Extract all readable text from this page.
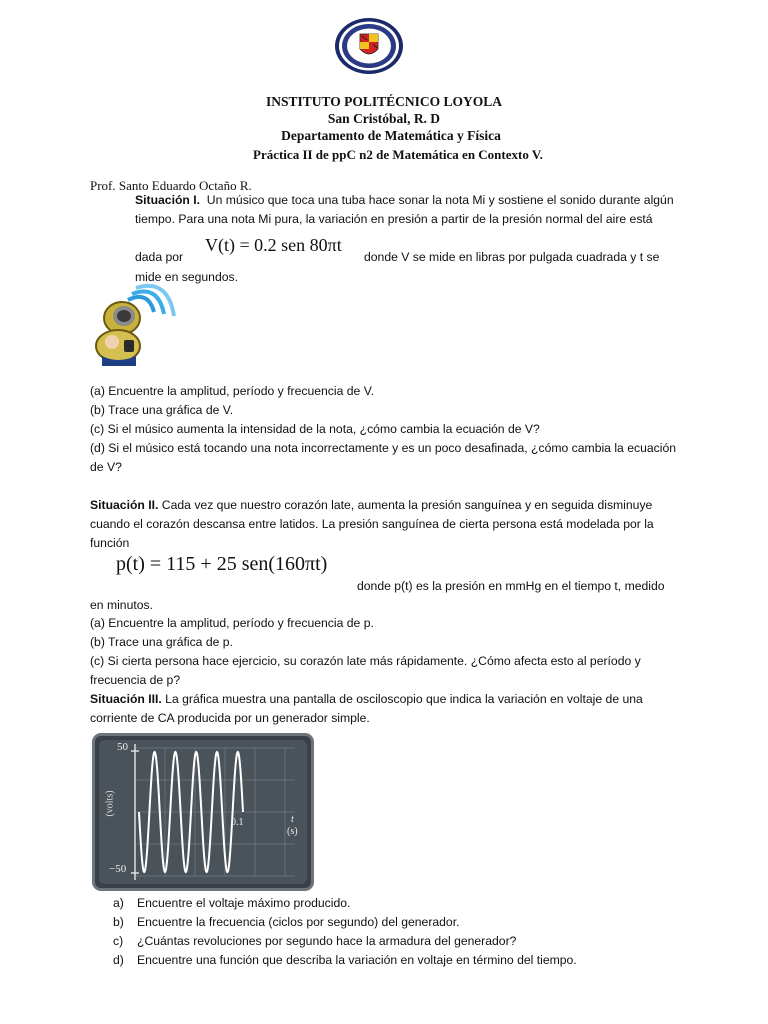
INSTITUTO POLITÉCNICO LOYOLA
San Cristóbal, R. D
Departamento de Matemática y Física
Práctica II de ppC n2 de Matemática en Contexto V.
Prof. Santo Eduardo Octaño R.
Situación I. Un músico que toca una tuba hace sonar la nota Mi y sostiene el sonido durante algún
tiempo. Para una nota Mi pura, la variación en presión a partir de la presión normal del aire está
dada por
V(t) = 0.2 sen 80πt
donde V se mide en libras por pulgada cuadrada y t se
mide en segundos.
(a) Encuentre la amplitud, período y frecuencia de V.
(b) Trace una gráfica de V.
(c) Si el músico aumenta la intensidad de la nota, ¿cómo cambia la ecuación de V?
(d) Si el músico está tocando una nota incorrectamente y es un poco desafinada, ¿cómo cambia la ecuación
de V?
Situación II. Cada vez que nuestro corazón late, aumenta la presión sanguínea y en seguida disminuye
cuando el corazón descansa entre latidos. La presión sanguínea de cierta persona está modelada por la
función
p(t) = 115 + 25 sen(160πt)
donde p(t) es la presión en mmHg en el tiempo t, medido
en minutos.
(a) Encuentre la amplitud, período y frecuencia de p.
(b) Trace una gráfica de p.
(c) Si cierta persona hace ejercicio, su corazón late más rápidamente. ¿Cómo afecta esto al período y
frecuencia de p?
Situación III. La gráfica muestra una pantalla de osciloscopio que indica la variación en voltaje de una
corriente de CA producida por un generador simple.
50
−50
(volts)
0.1	t
(s)
a) Encuentre el voltaje máximo producido.
b) Encuentre la frecuencia (ciclos por segundo) del generador.
c) ¿Cuántas revoluciones por segundo hace la armadura del generador?
d) Encuentre una función que describa la variación en voltaje en término del tiempo.
